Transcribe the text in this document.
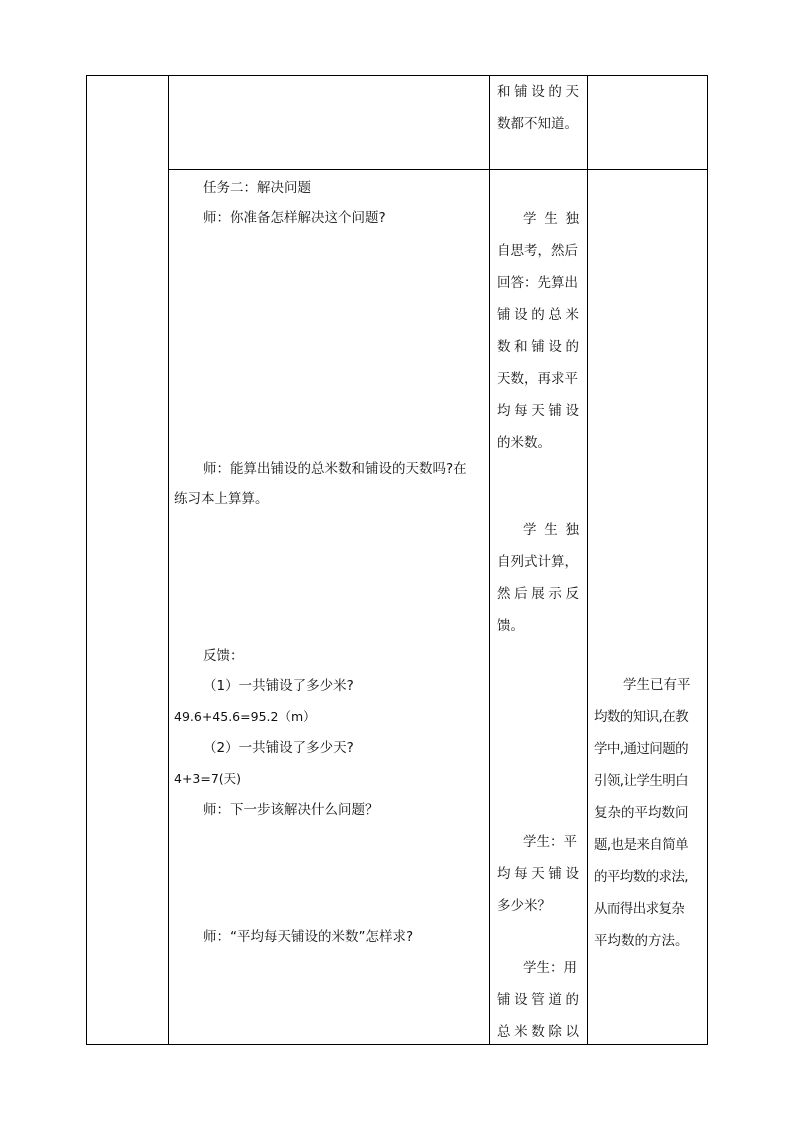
和铺设的天
数都不知道。
任务二：解决问题
师：你准备怎样解决这个问题?
师：能算出铺设的总米数和铺设的天数吗?在
练习本上算算。
反馈：
（1）一共铺设了多少米?
49.6+45.6=95.2（m）
（2）一共铺设了多少天?
4+3=7(天)
师：下一步该解决什么问题？
师：“平均每天铺设的米数”怎样求?
学 生 独
自思考，然后
回答：先算出
铺设的总米
数和铺设的
天数，再求平
均每天铺设
的米数。
学 生 独
自列式计算，
然后展示反
馈。
学生：平
均每天铺设
多少米？
学生：用
铺设管道的
总米数除以
学生已有平
均数的知识,在教
学中,通过问题的
引领,让学生明白
复杂的平均数问
题,也是来自简单
的平均数的求法,
从而得出求复杂
平均数的方法。
